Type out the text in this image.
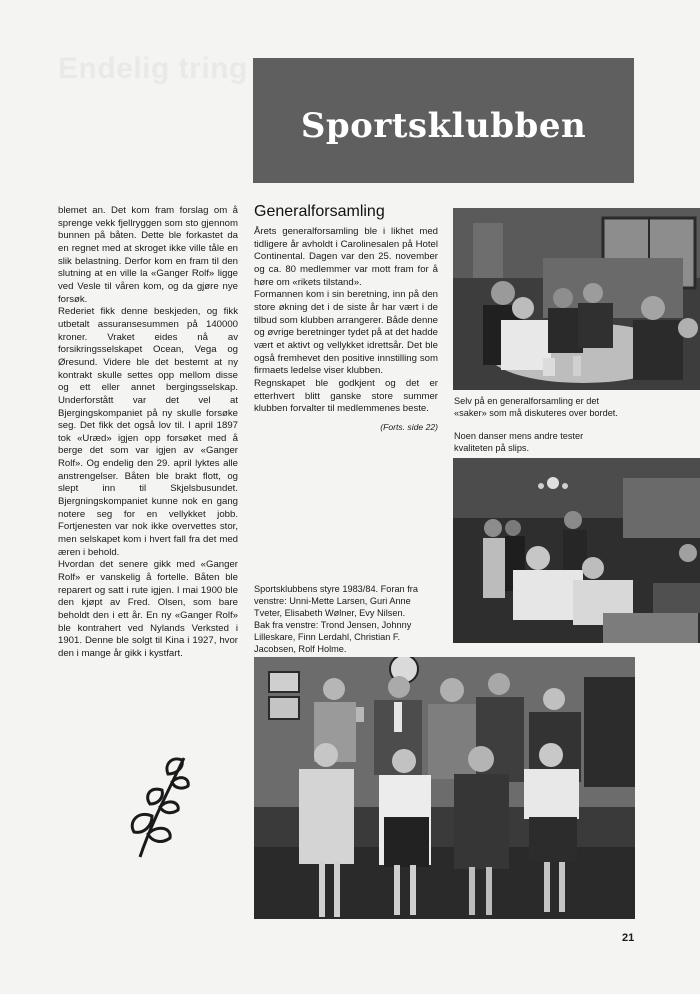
Endelig tring
Sportsklubben

blemet an. Det kom fram forslag om å sprenge vekk fjellryggen som sto gjennom bunnen på båten. Dette ble forkastet da en regnet med at skroget ikke ville tåle en slik belastning. Derfor kom en fram til den slutning at en ville la «Ganger Rolf» ligge ved Vesle til våren kom, og da gjøre nye forsøk.

Rederiet fikk denne beskjeden, og fikk utbetalt assuransesummen på 140000 kroner. Vraket eides nå av forsikringsselskapet Ocean, Vega og Øresund. Videre ble det bestemt at ny kontrakt skulle settes opp mellom disse og ett eller annet bergingsselskap. Underforstått var det vel at Bjergingskompaniet på ny skulle forsøke seg. Det fikk det også lov til. I april 1897 tok «Uræd» igjen opp forsøket med å berge det som var igjen av «Ganger Rolf». Og endelig den 29. april lyktes alle anstrengelser. Båten ble brakt flott, og slept inn til Skjelsbusundet. Bjergningskompaniet kunne nok en gang notere seg for en vellykket jobb. Fortjenesten var nok ikke overvettes stor, men selskapet kom i hvert fall fra det med æren i behold.

Hvordan det senere gikk med «Ganger Rolf» er vanskelig å fortelle. Båten ble reparert og satt i rute igjen. I mai 1900 ble den kjøpt av Fred. Olsen, som bare beholdt den i ett år. En ny «Ganger Rolf» ble kontrahert ved Nylands Verksted i 1901. Denne ble solgt til Kina i 1927, hvor den i mange år gikk i kystfart.

Generalforsamling

Årets generalforsamling ble i likhet med tidligere år avholdt i Carolinesalen på Hotel Continental. Dagen var den 25. november og ca. 80 medlemmer var mott fram for å høre om «rikets tilstand».

Formannen kom i sin beretning, inn på den store økning det i de siste år har vært i de tilbud som klubben arrangerer. Både denne og øvrige beretninger tydet på at det hadde vært et aktivt og vellykket idrettsår. Det ble også fremhevet den positive innstilling som firmaets ledelse viser klubben.

Regnskapet ble godkjent og det er etterhvert blitt ganske store summer klubben forvalter til medlemmenes beste.

(Forts. side 22)

Selv på en generalforsamling er det

«saker» som må diskuteres over bordet.

Noen danser mens andre tester

kvaliteten på slips.

Sportsklubbens styre 1983/84. Foran fra

venstre: Unni-Mette Larsen, Guri Anne

Tveter, Elisabeth Wølner, Evy Nilsen.

Bak fra venstre: Trond Jensen, Johnny

Lilleskare, Finn Lerdahl, Christian F.

Jacobsen, Rolf Holme.

21
